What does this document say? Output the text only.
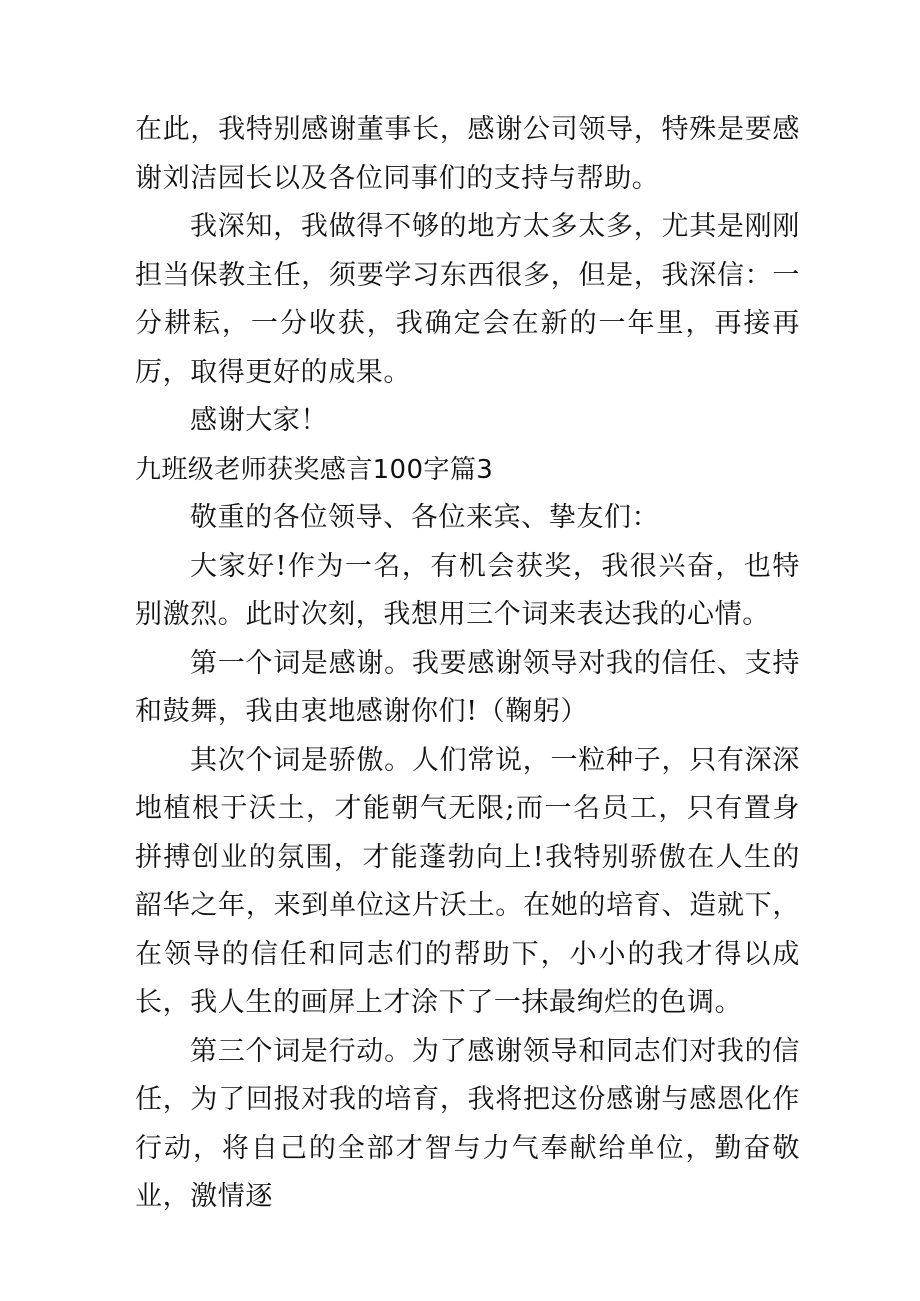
在此，我特别感谢董事长，感谢公司领导，特殊是要感谢刘洁园长以及各位同事们的支持与帮助。

我深知，我做得不够的地方太多太多，尤其是刚刚担当保教主任，须要学习东西很多，但是，我深信：一分耕耘，一分收获，我确定会在新的一年里，再接再厉，取得更好的成果。

感谢大家！

九班级老师获奖感言100字篇3

敬重的各位领导、各位来宾、挚友们：

大家好!作为一名，有机会获奖，我很兴奋，也特别激烈。此时次刻，我想用三个词来表达我的心情。

第一个词是感谢。我要感谢领导对我的信任、支持和鼓舞，我由衷地感谢你们!（鞠躬）

其次个词是骄傲。人们常说，一粒种子，只有深深地植根于沃土，才能朝气无限;而一名员工，只有置身拼搏创业的氛围，才能蓬勃向上!我特别骄傲在人生的韶华之年，来到单位这片沃土。在她的培育、造就下，在领导的信任和同志们的帮助下，小小的我才得以成长，我人生的画屏上才涂下了一抹最绚烂的色调。

第三个词是行动。为了感谢领导和同志们对我的信任，为了回报对我的培育，我将把这份感谢与感恩化作行动，将自己的全部才智与力气奉献给单位，勤奋敬业，激情逐
